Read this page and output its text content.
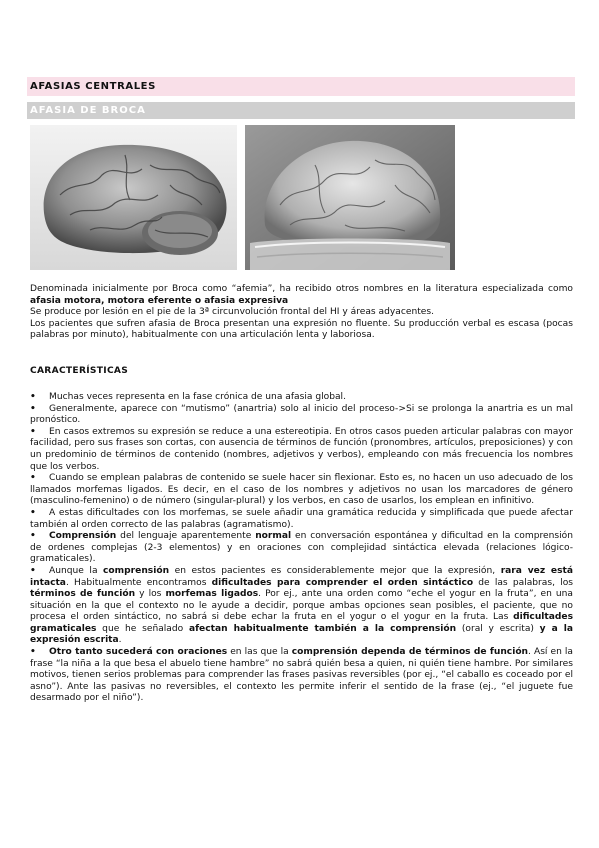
AFASIAS CENTRALES
AFASIA DE BROCA

Denominada inicialmente por Broca como “afemia”, ha recibido otros nombres en la literatura especializada como afasia motora, motora eferente o afasia expresiva

Se produce por lesión en el pie de la 3ª circunvolución frontal del HI y áreas adyacentes.

Los pacientes que sufren afasia de Broca presentan una expresión no fluente. Su producción verbal es escasa (pocas palabras por minuto), habitualmente con una articulación lenta y laboriosa.

CARACTERÍSTICAS

• Muchas veces representa en la fase crónica de una afasia global.

• Generalmente, aparece con “mutismo” (anartria) solo al inicio del proceso->Si se prolonga la anartria es un mal pronóstico.

• En casos extremos su expresión se reduce a una estereotipia. En otros casos pueden articular palabras con mayor facilidad, pero sus frases son cortas, con ausencia de términos de función (pronombres, artículos, preposiciones) y con un predominio de términos de contenido (nombres, adjetivos y verbos), empleando con más frecuencia los nombres que los verbos.

• Cuando se emplean palabras de contenido se suele hacer sin flexionar. Esto es, no hacen un uso adecuado de los llamados morfemas ligados. Es decir, en el caso de los nombres y adjetivos no usan los marcadores de género (masculino-femenino) o de número (singular-plural) y los verbos, en caso de usarlos, los emplean en infinitivo.

• A estas dificultades con los morfemas, se suele añadir una gramática reducida y simplificada que puede afectar también al orden correcto de las palabras (agramatismo).

• Comprensión del lenguaje aparentemente normal en conversación espontánea y dificultad en la comprensión de ordenes complejas (2-3 elementos) y en oraciones con complejidad sintáctica elevada (relaciones lógico-gramaticales).

• Aunque la comprensión en estos pacientes es considerablemente mejor que la expresión, rara vez está intacta. Habitualmente encontramos dificultades para comprender el orden sintáctico de las palabras, los términos de función y los morfemas ligados. Por ej., ante una orden como “eche el yogur en la fruta”, en una situación en la que el contexto no le ayude a decidir, porque ambas opciones sean posibles, el paciente, que no procesa el orden sintáctico, no sabrá si debe echar la fruta en el yogur o el yogur en la fruta. Las dificultades gramaticales que he señalado afectan habitualmente también a la comprensión (oral y escrita) y a la expresión escrita.

• Otro tanto sucederá con oraciones en las que la comprensión dependa de términos de función. Así en la frase “la niña a la que besa el abuelo tiene hambre” no sabrá quién besa a quien, ni quién tiene hambre. Por similares motivos, tienen serios problemas para comprender las frases pasivas reversibles (por ej., “el caballo es coceado por el asno”). Ante las pasivas no reversibles, el contexto les permite inferir el sentido de la frase (ej., “el juguete fue desarmado por el niño”).
